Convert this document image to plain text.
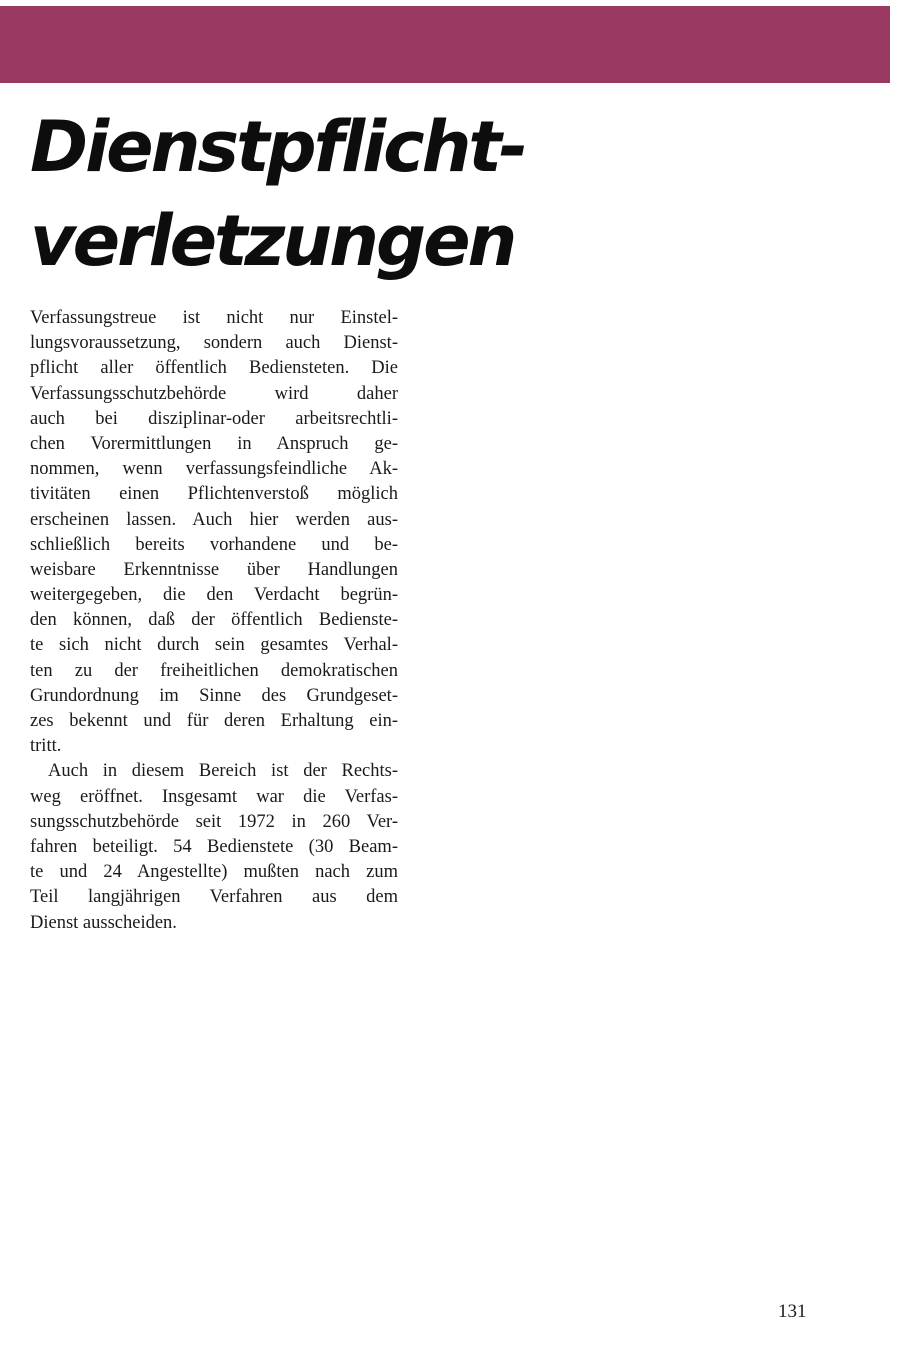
Dienstpflicht-
verletzungen
Verfassungstreue ist nicht nur Einstel-
lungsvoraussetzung, sondern auch Dienst-
pflicht aller öffentlich Bediensteten. Die
Verfassungsschutzbehörde wird daher
auch bei disziplinar-oder arbeitsrechtli-
chen Vorermittlungen in Anspruch ge-
nommen, wenn verfassungsfeindliche Ak-
tivitäten einen Pflichtenverstoß möglich
erscheinen lassen. Auch hier werden aus-
schließlich bereits vorhandene und be-
weisbare Erkenntnisse über Handlungen
weitergegeben, die den Verdacht begrün-
den können, daß der öffentlich Bedienste-
te sich nicht durch sein gesamtes Verhal-
ten zu der freiheitlichen demokratischen
Grundordnung im Sinne des Grundgeset-
zes bekennt und für deren Erhaltung ein-
tritt.
Auch in diesem Bereich ist der Rechts-
weg eröffnet. Insgesamt war die Verfas-
sungsschutzbehörde seit 1972 in 260 Ver-
fahren beteiligt. 54 Bedienstete (30 Beam-
te und 24 Angestellte) mußten nach zum
Teil langjährigen Verfahren aus dem
Dienst ausscheiden.
131
